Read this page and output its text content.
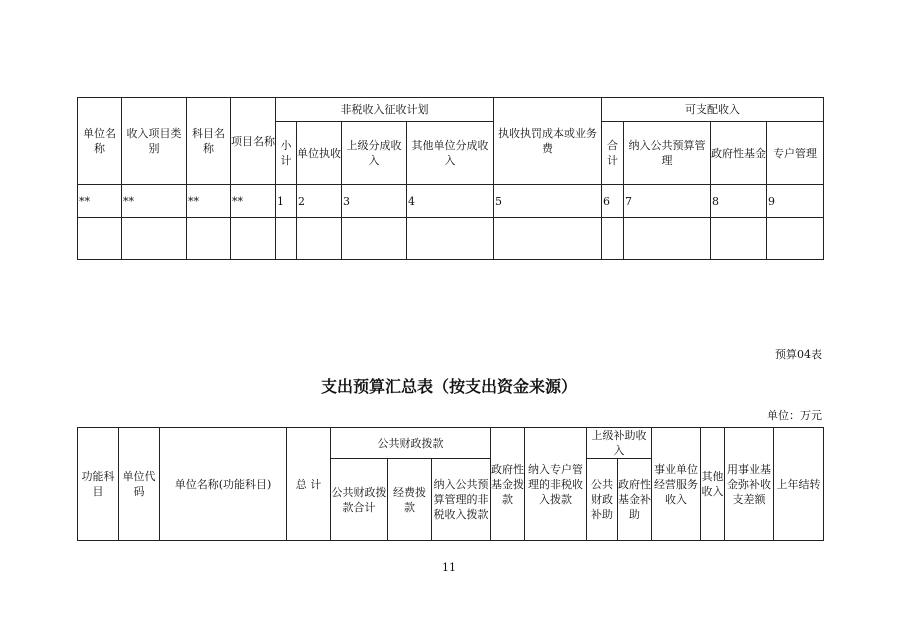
单位名称	收入项目类别	科目名称	项目名称	非税收入征收计划				执收执罚成本或业务费	可支配收入			
				小计	单位执收	上级分成收入	其他单位分成收入		合计	纳入公共预算管理	政府性基金	专户管理
**	**	**	**	1	2	3	4	5	6	7	8	9

预算04表
支出预算汇总表（按支出资金来源）
单位：万元
功能科目	单位代码	单位名称(功能科目)	总 计	公共财政拨款			政府性基金拨款	纳入专户管理的非税收入拨款	上级补助收入		事业单位经营服务收入	其他收入	用事业基金弥补收支差额	上年结转
				公共财政拨款合计	经费拨款	纳入公共预算管理的非税收入拨款			公共财政补助	政府性基金补助				
11
